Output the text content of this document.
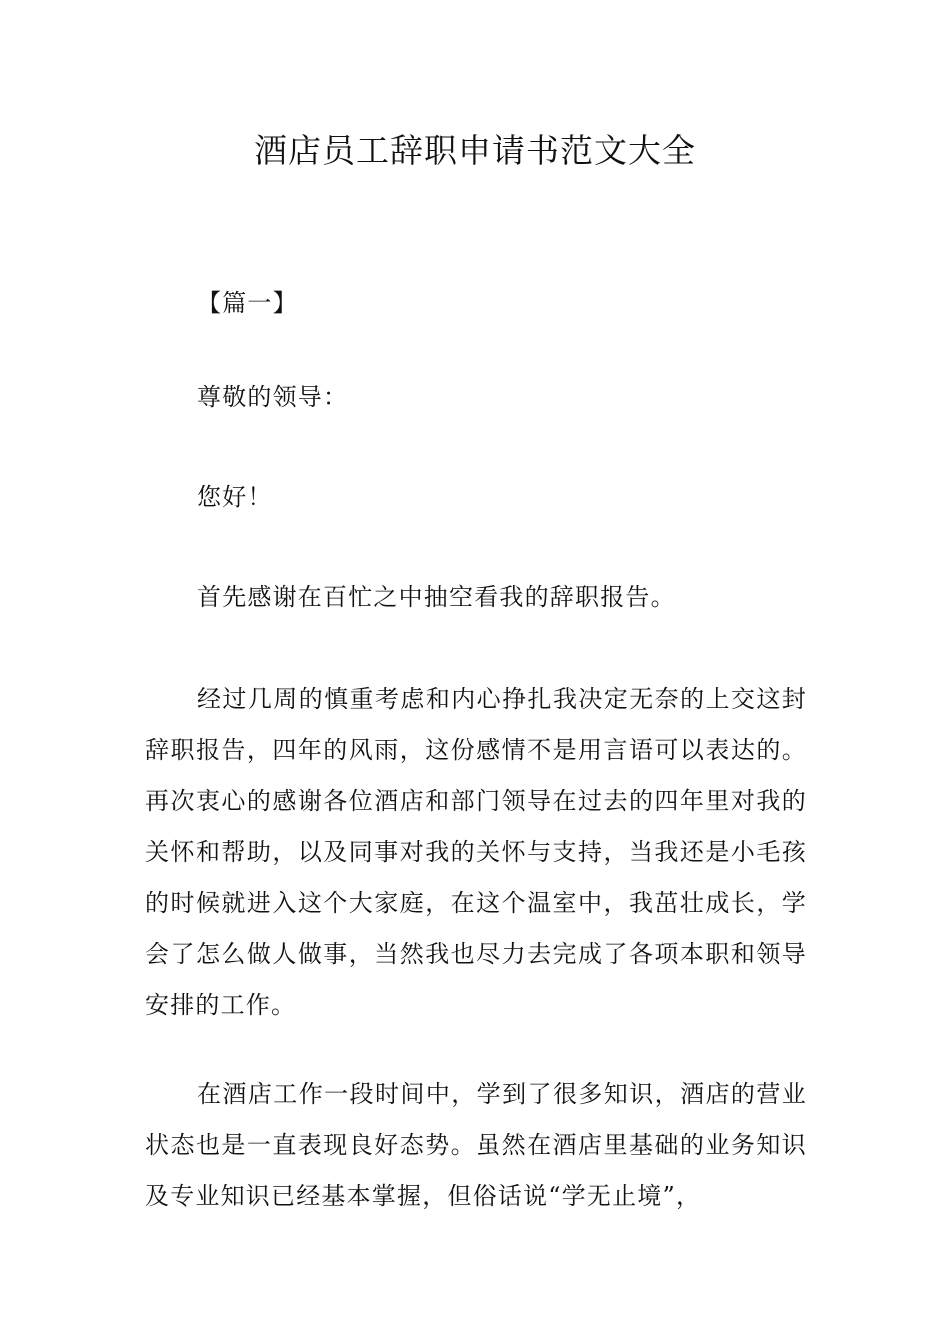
酒店员工辞职申请书范文大全

【篇一】

尊敬的领导：

您好！

首先感谢在百忙之中抽空看我的辞职报告。

经过几周的慎重考虑和内心挣扎我决定无奈的上交这封辞职报告，四年的风雨，这份感情不是用言语可以表达的。再次衷心的感谢各位酒店和部门领导在过去的四年里对我的关怀和帮助，以及同事对我的关怀与支持，当我还是小毛孩的时候就进入这个大家庭，在这个温室中，我茁壮成长，学会了怎么做人做事，当然我也尽力去完成了各项本职和领导安排的工作。

在酒店工作一段时间中，学到了很多知识，酒店的营业状态也是一直表现良好态势。虽然在酒店里基础的业务知识及专业知识已经基本掌握，但俗话说“学无止境”，
